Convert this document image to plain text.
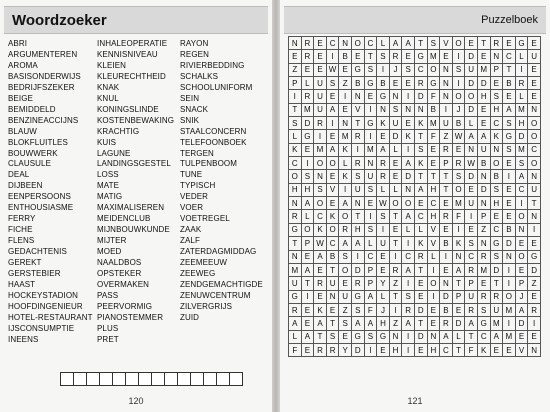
Woordzoeker
ABRI
ARGUMENTEREN
AROMA
BASISONDERWIJS
BEDRIJFSZEKER
BEIGE
BEMIDDELD
BENZINEACCIJNS
BLAUW
BLOKFLUITLES
BOUWWERK
CLAUSULE
DEAL
DIJBEEN
EENPERSOONS
ENTHOUSIASME
FERRY
FICHE
FLENS
GEDACHTENIS
GEREKT
GERSTEBIER
HAAST
HOCKEYSTADION
HOOFDINGENIEUR
HOTEL-RESTAURANT
IJSCONSUMPTIE
INEENS
INHALEOPERATIE
KENNISNIVEAU
KLEIEN
KLEURECHTHEID
KNAK
KNUL
KONINGSLINDE
KOSTENBEWAKING
KRACHTIG
KUIS
LAGUNE
LANDINGSGESTEL
LOSS
MATE
MATIG
MAXIMALISEREN
MEIDENCLUB
MIJNBOUWKUNDE
MIJTER
MOED
NAALDBOS
OPSTEKER
OVERMAKEN
PASS
PEERVORMIG
PIANOSTEMMER
PLUS
PRET
RAYON
REGEN
RIVIERBEDDING
SCHALKS
SCHOOLUNIFORM
SEIN
SNACK
SNIK
STAALCONCERN
TELEFOONBOEK
TERGEN
TULPENBOOM
TUNE
TYPISCH
VEDER
VOER
VOETREGEL
ZAAK
ZALF
ZATERDAGMIDDAG
ZEEMEEUW
ZEEWEG
ZENDGEMACHTIGDE
ZENUWCENTRUM
ZILVERGRIJS
ZUID
120
Puzzelboek
N R E C N O C L A A T S V O E T R E G E
E R E	I	B E T S R E G M E	I	D E N C L U
Z E E W E G S	I	J S C O N S U M P T	I	E
P L U S Z B G B E E R G N	I	D D E B R E
I	R U E	I	N E G N	I	D F N O O H S E L E
T M U A E V	I	N S N N B	I	J D E H A M N
S D R	I	N T G K U E K M U B L E C S H O
L G	I	E M R	I	E D K T F Z W A A K G D O
K E M A K	I	M A L	I	S E R E N U N S M C
C	I	O O L R N R E A K E P R W B O E S O
O S N E K S U R E D T T T S D N B	I	A N
H H S V	I	U S L	L N A H T O E D S E C U
N A O E A N E W O O E C E M U N H E	I	T
R L C K O T	I	S T A C H R F	I	P E E O N
G O K O R H S	I	E L	L V E	I	E Z C B N	I
T P W C A A L U T	I	K V B K S N G D E E
N E A B S	I	C E	I	C R L	I	N C R S N O G
M A E T O D P E R A T	I	E A R M D	I	E D
U T R U E R P Y Z	I	E O N T P E T	I	P Z
G	I	E N U G A L T S E	I	D P U R R O J E
R E K E Z S F	J	I	R D E B E R S U M A R
A E A T S A A H Z A T E R D A G M	I	D	I
L A T S E G S G N	I	D N A L T C A M E E
F E R R Y D	I	E H	I	E H C T F K E E V N
121
